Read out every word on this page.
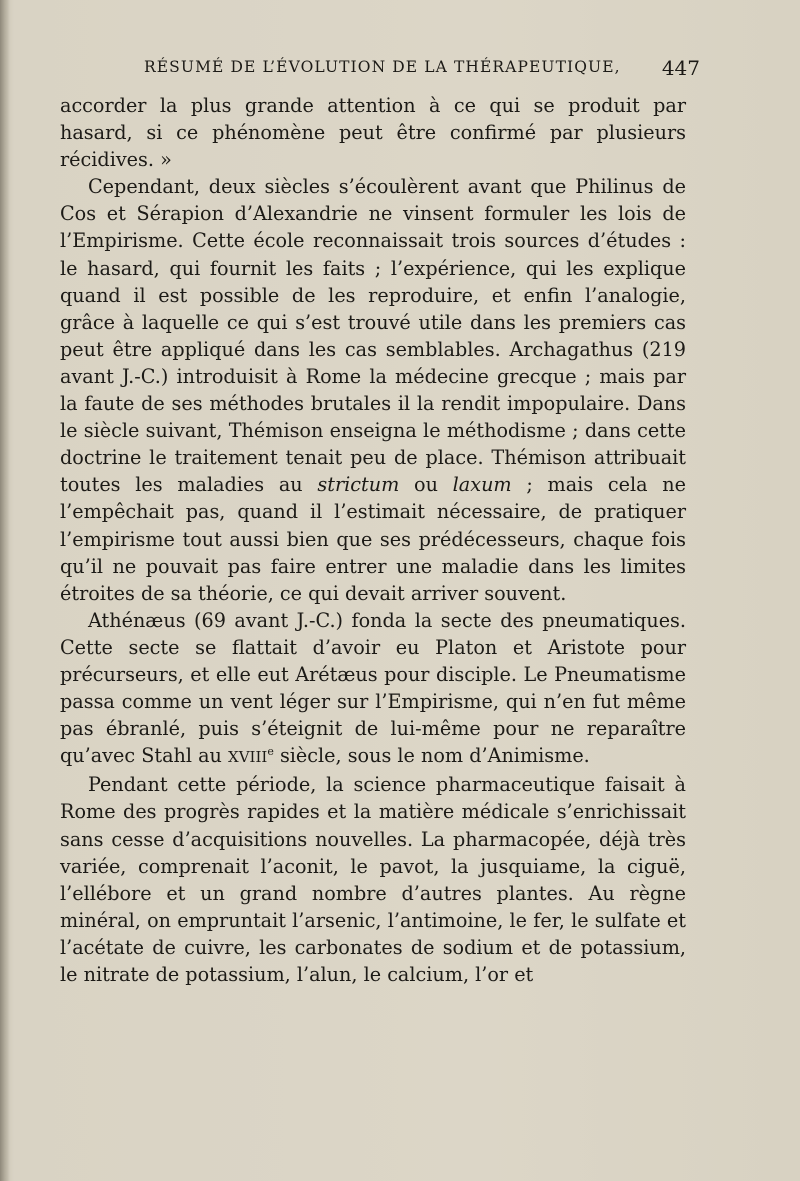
RÉSUMÉ DE L’ÉVOLUTION DE LA THÉRAPEUTIQUE, 447

accorder la plus grande attention à ce qui se produit par hasard, si ce phénomène peut être confirmé par plusieurs récidives. »

Cependant, deux siècles s’écoulèrent avant que Philinus de Cos et Sérapion d’Alexandrie ne vinsent formuler les lois de l’Empirisme. Cette école reconnaissait trois sources d’études : le hasard, qui fournit les faits ; l’expérience, qui les explique quand il est possible de les reproduire, et enfin l’analogie, grâce à laquelle ce qui s’est trouvé utile dans les premiers cas peut être appliqué dans les cas semblables. Archagathus (219 avant J.-C.) introduisit à Rome la médecine grecque ; mais par la faute de ses méthodes brutales il la rendit impopulaire. Dans le siècle suivant, Thémison enseigna le méthodisme ; dans cette doctrine le traitement tenait peu de place. Thémison attribuait toutes les maladies au strictum ou laxum ; mais cela ne l’empêchait pas, quand il l’estimait nécessaire, de pratiquer l’empirisme tout aussi bien que ses prédécesseurs, chaque fois qu’il ne pouvait pas faire entrer une maladie dans les limites étroites de sa théorie, ce qui devait arriver souvent.

Athénæus (69 avant J.-C.) fonda la secte des pneumatiques. Cette secte se flattait d’avoir eu Platon et Aristote pour précurseurs, et elle eut Arétæus pour disciple. Le Pneumatisme passa comme un vent léger sur l’Empirisme, qui n’en fut même pas ébranlé, puis s’éteignit de lui-même pour ne reparaître qu’avec Stahl au XVIIIe siècle, sous le nom d’Animisme.

Pendant cette période, la science pharmaceutique faisait à Rome des progrès rapides et la matière médicale s’enrichissait sans cesse d’acquisitions nouvelles. La pharmacopée, déjà très variée, comprenait l’aconit, le pavot, la jusquiame, la ciguë, l’ellébore et un grand nombre d’autres plantes. Au règne minéral, on empruntait l’arsenic, l’antimoine, le fer, le sulfate et l’acétate de cuivre, les carbonates de sodium et de potassium, le nitrate de potassium, l’alun, le calcium, l’or et
